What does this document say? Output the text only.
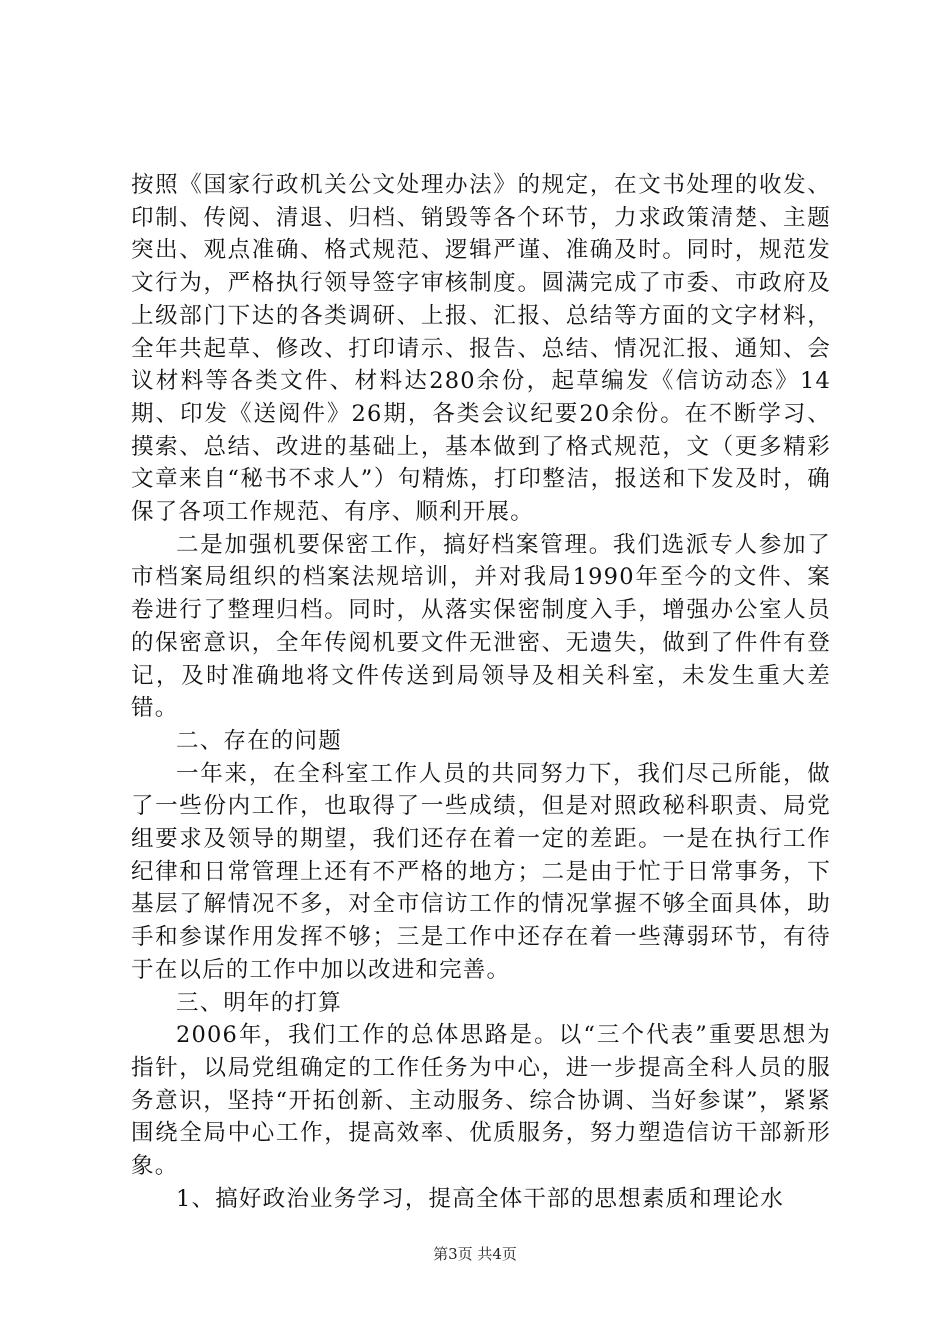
按照《国家行政机关公文处理办法》的规定，在文书处理的收发、印制、传阅、清退、归档、销毁等各个环节，力求政策清楚、主题突出、观点准确、格式规范、逻辑严谨、准确及时。同时，规范发文行为，严格执行领导签字审核制度。圆满完成了市委、市政府及上级部门下达的各类调研、上报、汇报、总结等方面的文字材料，全年共起草、修改、打印请示、报告、总结、情况汇报、通知、会议材料等各类文件、材料达280余份，起草编发《信访动态》14期、印发《送阅件》26期，各类会议纪要20余份。在不断学习、摸索、总结、改进的基础上，基本做到了格式规范，文（更多精彩文章来自“秘书不求人”）句精炼，打印整洁，报送和下发及时，确保了各项工作规范、有序、顺利开展。

二是加强机要保密工作，搞好档案管理。我们选派专人参加了市档案局组织的档案法规培训，并对我局1990年至今的文件、案卷进行了整理归档。同时，从落实保密制度入手，增强办公室人员的保密意识，全年传阅机要文件无泄密、无遗失，做到了件件有登记，及时准确地将文件传送到局领导及相关科室，未发生重大差错。

二、存在的问题

一年来，在全科室工作人员的共同努力下，我们尽己所能，做了一些份内工作，也取得了一些成绩，但是对照政秘科职责、局党组要求及领导的期望，我们还存在着一定的差距。一是在执行工作纪律和日常管理上还有不严格的地方；二是由于忙于日常事务，下基层了解情况不多，对全市信访工作的情况掌握不够全面具体，助手和参谋作用发挥不够；三是工作中还存在着一些薄弱环节，有待于在以后的工作中加以改进和完善。

三、明年的打算

2006年，我们工作的总体思路是。以“三个代表”重要思想为指针，以局党组确定的工作任务为中心，进一步提高全科人员的服务意识，坚持“开拓创新、主动服务、综合协调、当好参谋”，紧紧围绕全局中心工作，提高效率、优质服务，努力塑造信访干部新形象。

1、搞好政治业务学习，提高全体干部的思想素质和理论水

第3页 共4页
